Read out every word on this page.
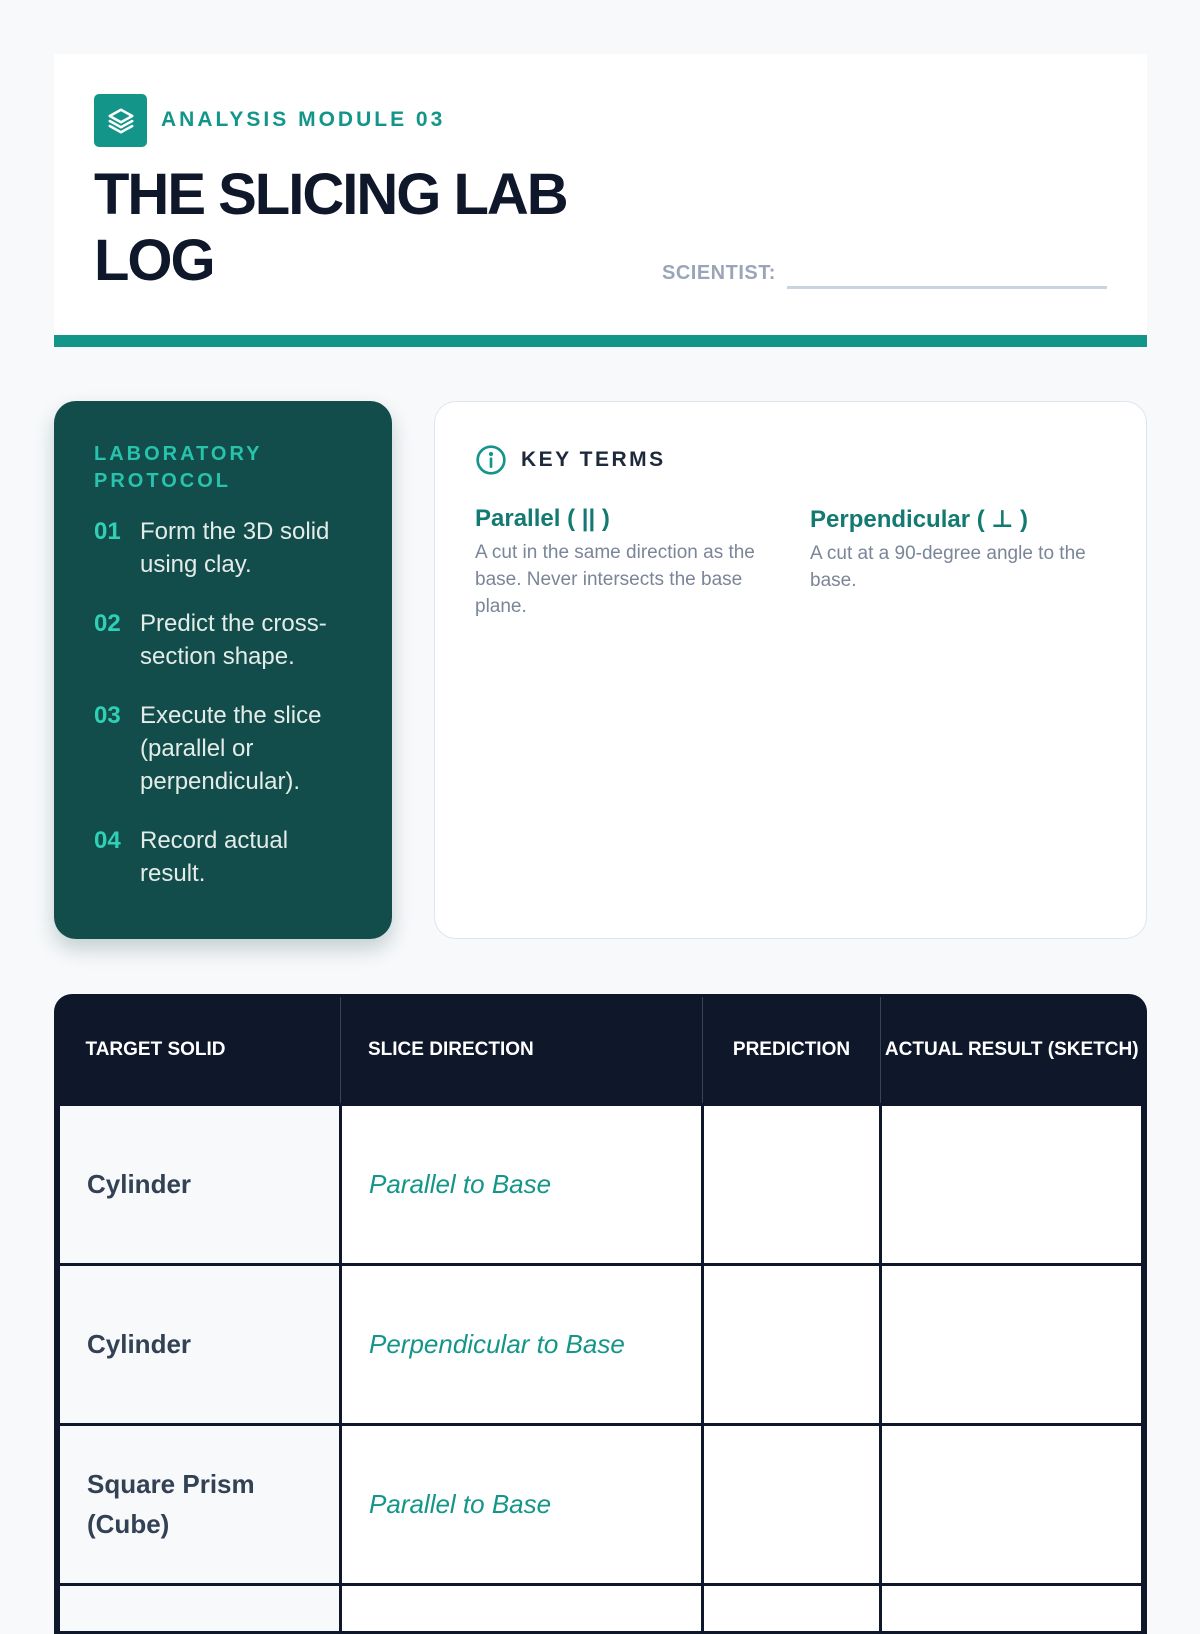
ANALYSIS MODULE 03
THE SLICING LAB LOG	SCIENTIST:
LABORATORY PROTOCOL
01 Form the 3D solid using clay.
02 Predict the cross-section shape.
03 Execute the slice (parallel or perpendicular).
04 Record actual result.
KEY TERMS
Parallel ( || )
A cut in the same direction as the base. Never intersects the base plane.
Perpendicular ( ⊥ )
A cut at a 90-degree angle to the base.
TARGET SOLID	SLICE DIRECTION	PREDICTION	ACTUAL RESULT (SKETCH)
Cylinder	Parallel to Base		
Cylinder	Perpendicular to Base		
Square Prism (Cube)	Parallel to Base		
